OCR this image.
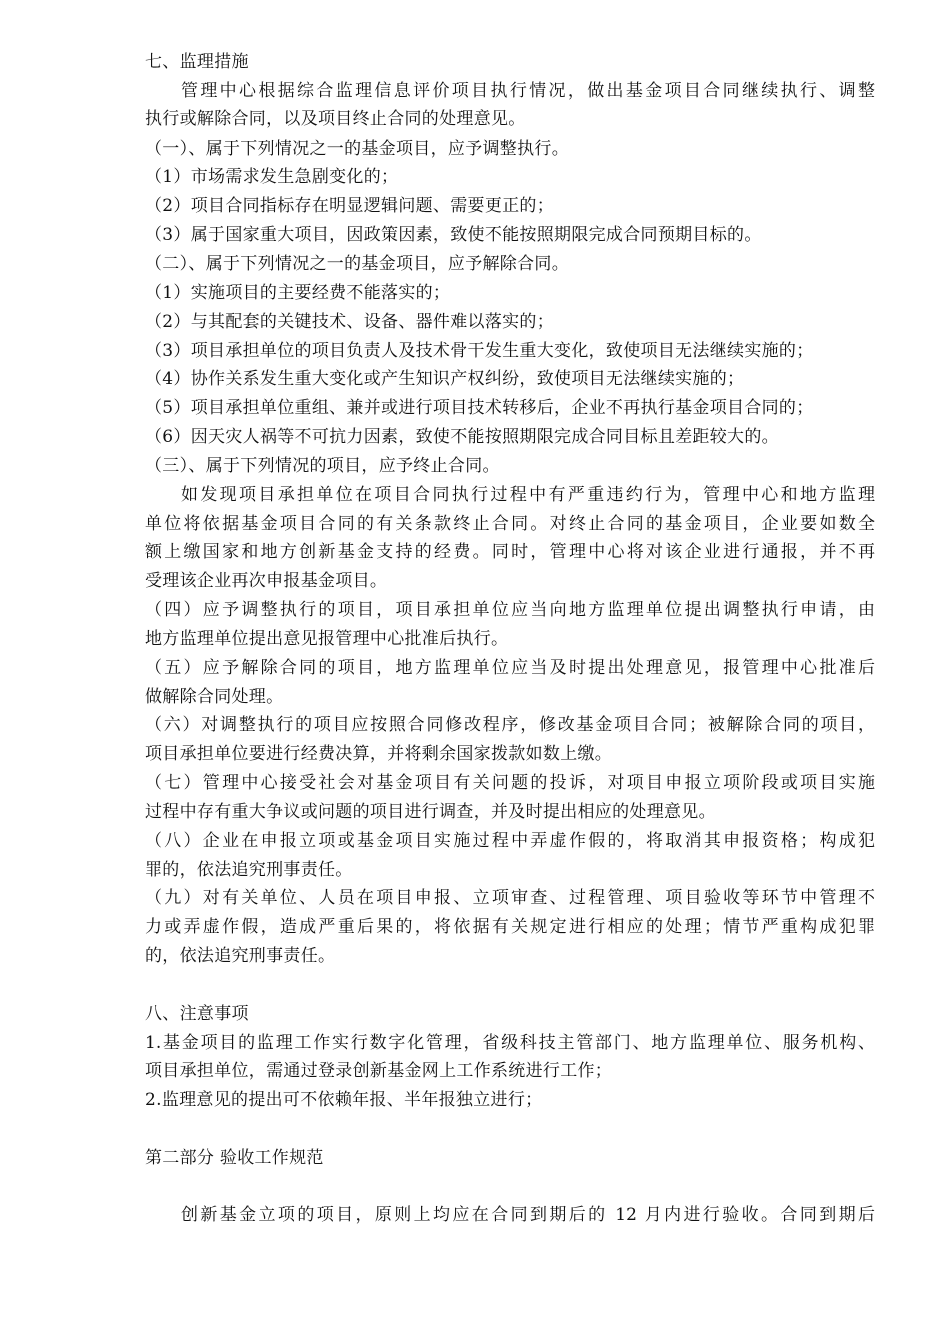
七、监理措施
管理中心根据综合监理信息评价项目执行情况，做出基金项目合同继续执行、调整
执行或解除合同，以及项目终止合同的处理意见。
（一）、属于下列情况之一的基金项目，应予调整执行。
（1）市场需求发生急剧变化的；
（2）项目合同指标存在明显逻辑问题、需要更正的；
（3）属于国家重大项目，因政策因素，致使不能按照期限完成合同预期目标的。
（二）、属于下列情况之一的基金项目，应予解除合同。
（1）实施项目的主要经费不能落实的；
（2）与其配套的关键技术、设备、器件难以落实的；
（3）项目承担单位的项目负责人及技术骨干发生重大变化，致使项目无法继续实施的；
（4）协作关系发生重大变化或产生知识产权纠纷，致使项目无法继续实施的；
（5）项目承担单位重组、兼并或进行项目技术转移后，企业不再执行基金项目合同的；
（6）因天灾人祸等不可抗力因素，致使不能按照期限完成合同目标且差距较大的。
（三）、属于下列情况的项目，应予终止合同。
如发现项目承担单位在项目合同执行过程中有严重违约行为，管理中心和地方监理
单位将依据基金项目合同的有关条款终止合同。对终止合同的基金项目，企业要如数全
额上缴国家和地方创新基金支持的经费。同时，管理中心将对该企业进行通报，并不再
受理该企业再次申报基金项目。
（四）应予调整执行的项目，项目承担单位应当向地方监理单位提出调整执行申请，由
地方监理单位提出意见报管理中心批准后执行。
（五）应予解除合同的项目，地方监理单位应当及时提出处理意见，报管理中心批准后
做解除合同处理。
（六）对调整执行的项目应按照合同修改程序，修改基金项目合同；被解除合同的项目，
项目承担单位要进行经费决算，并将剩余国家拨款如数上缴。
（七）管理中心接受社会对基金项目有关问题的投诉，对项目申报立项阶段或项目实施
过程中存有重大争议或问题的项目进行调查，并及时提出相应的处理意见。
（八）企业在申报立项或基金项目实施过程中弄虚作假的，将取消其申报资格；构成犯
罪的，依法追究刑事责任。
（九）对有关单位、人员在项目申报、立项审查、过程管理、项目验收等环节中管理不
力或弄虚作假，造成严重后果的，将依据有关规定进行相应的处理；情节严重构成犯罪
的，依法追究刑事责任。
八、注意事项
1.基金项目的监理工作实行数字化管理，省级科技主管部门、地方监理单位、服务机构、
项目承担单位，需通过登录创新基金网上工作系统进行工作；
2.监理意见的提出可不依赖年报、半年报独立进行；
第二部分 验收工作规范
创新基金立项的项目，原则上均应在合同到期后的 12 月内进行验收。合同到期后
